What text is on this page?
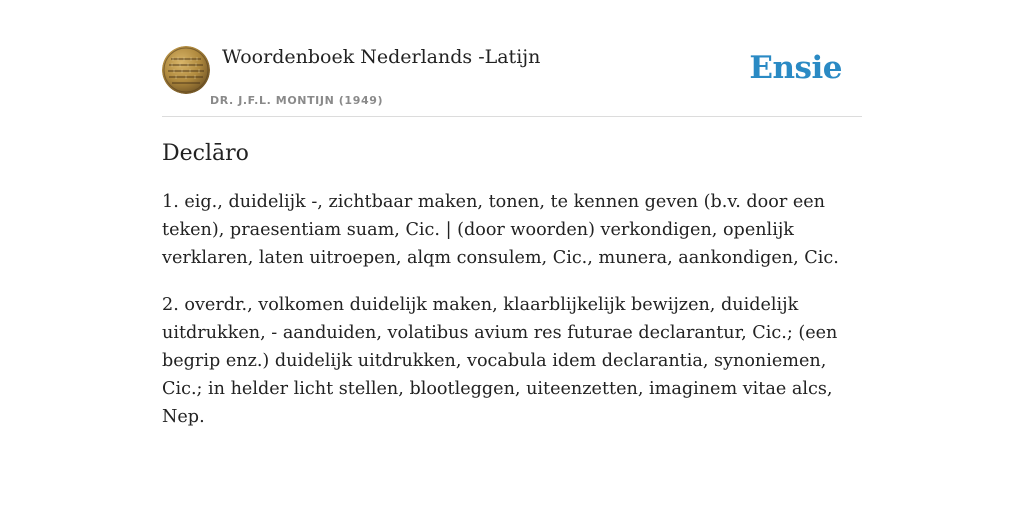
Woordenboek Nederlands -Latijn
DR. J.F.L. MONTIJN (1949)
Ensie
Declāro

1. eig., duidelijk -, zichtbaar maken, tonen, te kennen geven (b.v. door een teken), praesentiam suam, Cic. | (door woorden) verkondigen, openlijk verklaren, laten uitroepen, alqm consulem, Cic., munera, aankondigen, Cic.

2. overdr., volkomen duidelijk maken, klaarblijkelijk bewijzen, duidelijk uitdrukken, - aanduiden, volatibus avium res futurae declarantur, Cic.; (een begrip enz.) duidelijk uitdrukken, vocabula idem declarantia, synoniemen, Cic.; in helder licht stellen, blootleggen, uiteenzetten, imaginem vitae alcs, Nep.
